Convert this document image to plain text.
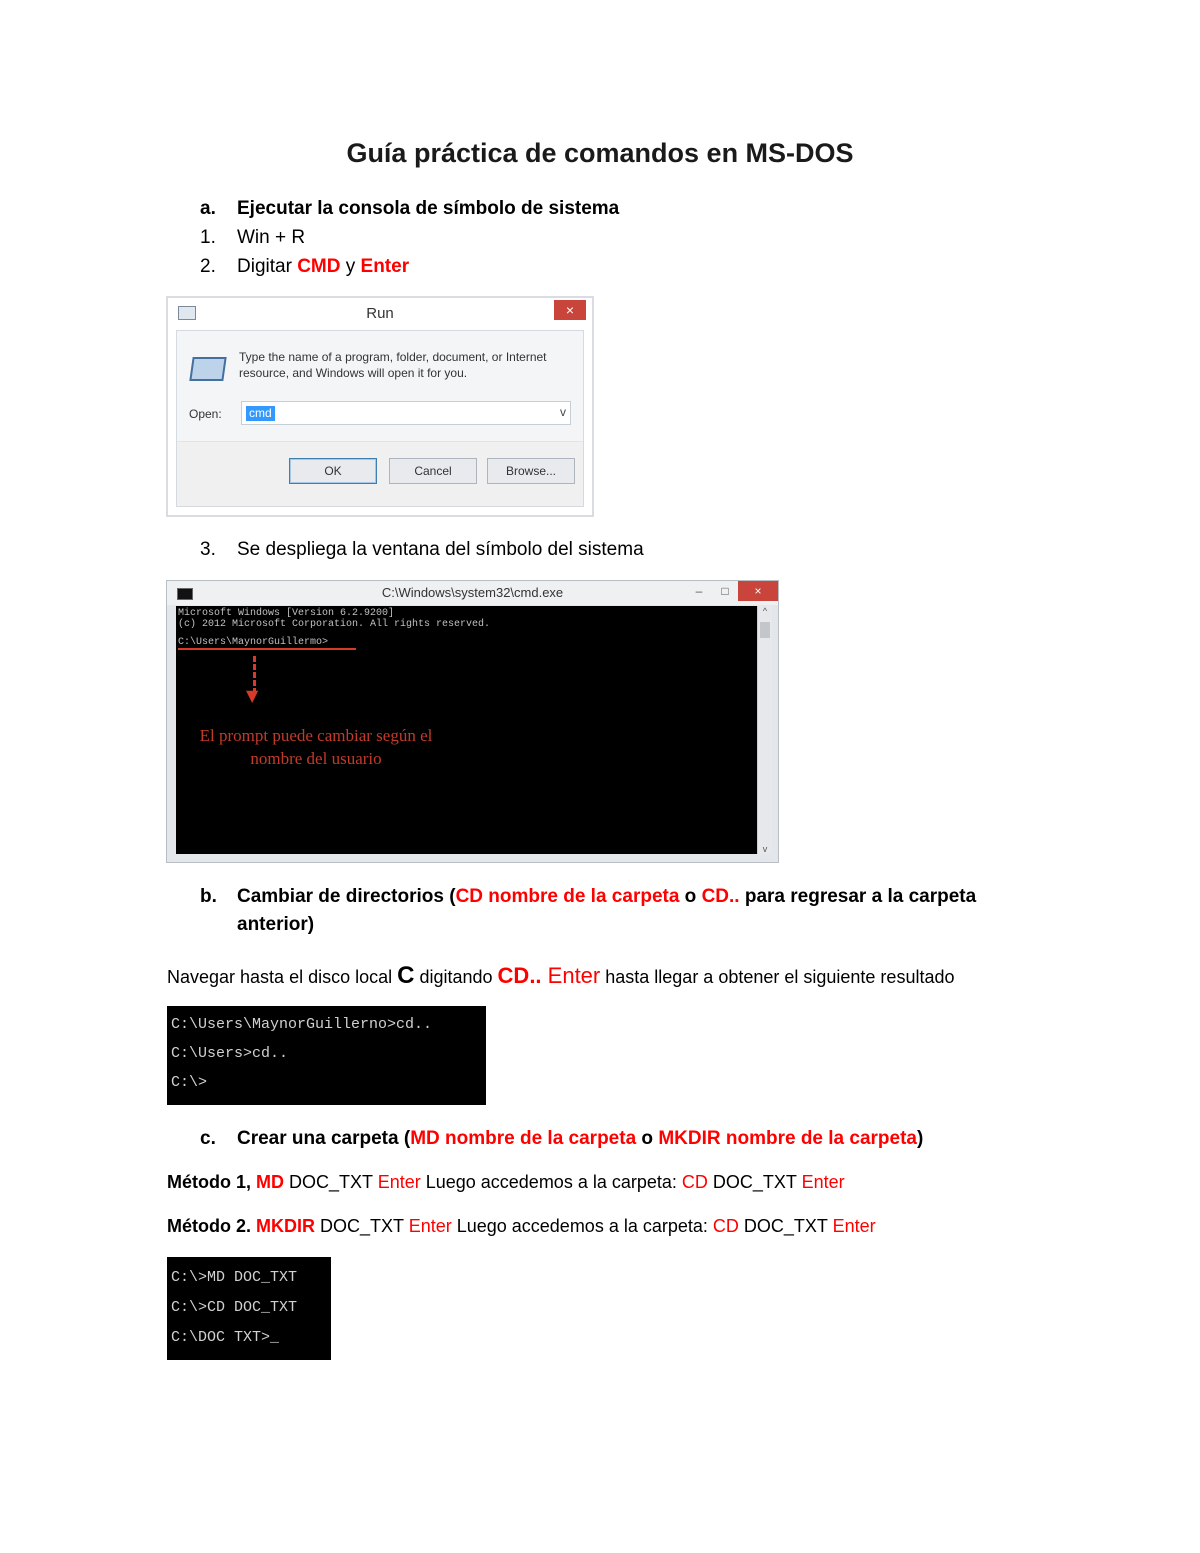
Guía práctica de comandos en MS-DOS
a. Ejecutar la consola de símbolo de sistema
1. Win + R
2. Digitar CMD y Enter
Run	×
Type the name of a program, folder, document, or Internet resource, and Windows will open it for you.
Open: cmd	v
OK	Cancel	Browse...
3. Se despliega la ventana del símbolo del sistema
C:\Windows\system32\cmd.exe	–	□	×
Microsoft Windows [Version 6.2.9200]
(c) 2012 Microsoft Corporation. All rights reserved.
C:\Users\MaynorGuillermo>
▼
El prompt puede cambiar según el nombre del usuario
^
v
b. Cambiar de directorios (CD nombre de la carpeta o CD.. para regresar a la carpeta
anterior)
Navegar hasta el disco local C digitando CD.. Enter hasta llegar a obtener el siguiente resultado
C:\Users\MaynorGuillerno>cd..
C:\Users>cd..
C:\>
c. Crear una carpeta (MD nombre de la carpeta o MKDIR nombre de la carpeta)
Método 1, MD DOC_TXT Enter Luego accedemos a la carpeta: CD DOC_TXT Enter
Método 2. MKDIR DOC_TXT Enter Luego accedemos a la carpeta: CD DOC_TXT Enter
C:\>MD DOC_TXT
C:\>CD DOC_TXT
C:\DOC TXT>_
